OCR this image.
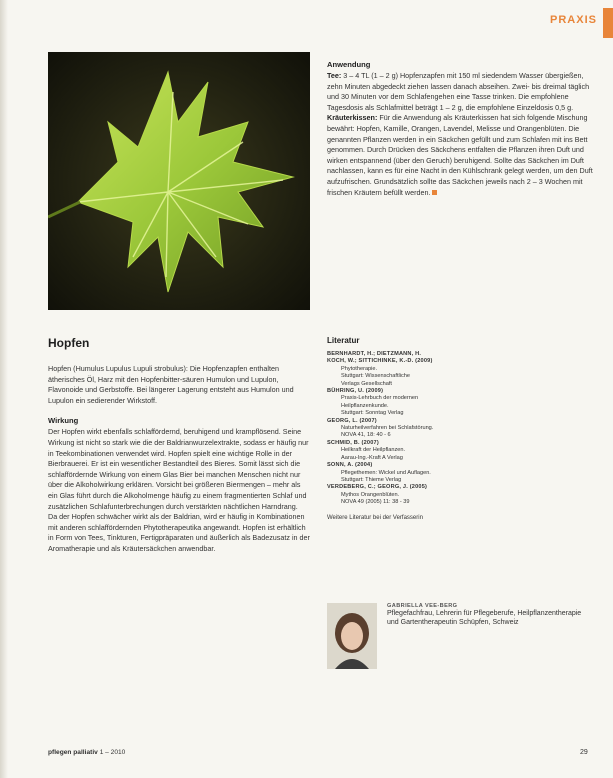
PRAXIS

Anwendung

Tee: 3 – 4 TL (1 – 2 g) Hopfenzapfen mit 150 ml siedendem Wasser übergießen, zehn Minuten abgedeckt ziehen lassen danach abseihen. Zwei- bis dreimal täglich und 30 Minuten vor dem Schlafengehen eine Tasse trinken. Die empfohlene Tagesdosis als Schlafmittel beträgt 1 – 2 g, die empfohlene Einzeldosis 0,5 g.

Kräuterkissen: Für die Anwendung als Kräuterkissen hat sich folgende Mischung bewährt: Hopfen, Kamille, Orangen, Lavendel, Melisse und Orangenblüten. Die genannten Pflanzen werden in ein Säckchen gefüllt und zum Schlafen mit ins Bett genommen. Durch Drücken des Säckchens entfalten die Pflanzen ihren Duft und wirken entspannend (über den Geruch) beruhigend. Sollte das Säckchen im Duft nachlassen, kann es für eine Nacht in den Kühlschrank gelegt werden, um den Duft aufzufrischen. Grundsätzlich sollte das Säckchen jeweils nach 2 – 3 Wochen mit frischen Kräutern befüllt werden.

Hopfen

Hopfen (Humulus Lupulus Lupuli strobulus): Die Hopfenzapfen enthalten ätherisches Öl, Harz mit den Hopfenbitter-säuren Humulon und Lupulon, Flavonoide und Gerbstoffe. Bei längerer Lagerung entsteht aus Humulon und Lupulon ein sedierender Wirkstoff.

Wirkung

Der Hopfen wirkt ebenfalls schlaffördernd, beruhigend und krampflösend. Seine Wirkung ist nicht so stark wie die der Baldrianwurzelextrakte, sodass er häufig nur in Teekombinationen verwendet wird. Hopfen spielt eine wichtige Rolle in der Bierbrauerei. Er ist ein wesentlicher Bestandteil des Bieres. Somit lässt sich die schlaffördernde Wirkung von einem Glas Bier bei manchen Menschen nicht nur über die Alkoholwirkung erklären. Vorsicht bei größeren Biermengen – mehr als ein Glas führt durch die Alkoholmenge häufig zu einem fragmentierten Schlaf und zusätzlichen Schlafunterbrechungen durch verstärkten nächtlichen Harndrang.

Da der Hopfen schwächer wirkt als der Baldrian, wird er häufig in Kombinationen mit anderen schlaffördernden Phytotherapeutika angewandt. Hopfen ist erhältlich in Form von Tees, Tinkturen, Fertigpräparaten und äußerlich als Badezusatz in der Aromatherapie und als Kräutersäckchen anwendbar.

Literatur

BERNHARDT, H.; DIETZMANN, H.
KOCH, W.; SITTICHINKE, K.-D. (2009)
Phytotherapie.
Stuttgart: Wissenschaftliche
Verlags Gesellschaft
BÜHRING, U. (2009)
Praxis-Lehrbuch der modernen
Heilpflanzenkunde.
Stuttgart: Sonntag Verlag
GEORG, L. (2007)
Naturheilverfahren bei Schlafstörung.
NOVA 41, 18: 40 - 6
SCHMID, B. (2007)
Heilkraft der Heilpflanzen.
Aarau-Ing.-Kraft A Verlag
SONN, A. (2004)
Pflegethemen: Wickel und Auflagen.
Stuttgart: Thieme Verlag
VERDEBERG, C.; GEORG, J. (2005)
Mythos Orangenblüten.
NOVA 49 (2005) 11: 38 - 39
Weitere Literatur bei der Verfasserin
GABRIELLA VEE-BERG
Pflegefachfrau, Lehrerin für Pflegeberufe, Heilpflanzentherapie und Gartentherapeutin Schüpfen, Schweiz
pflegen palliativ 1 – 2010	29
